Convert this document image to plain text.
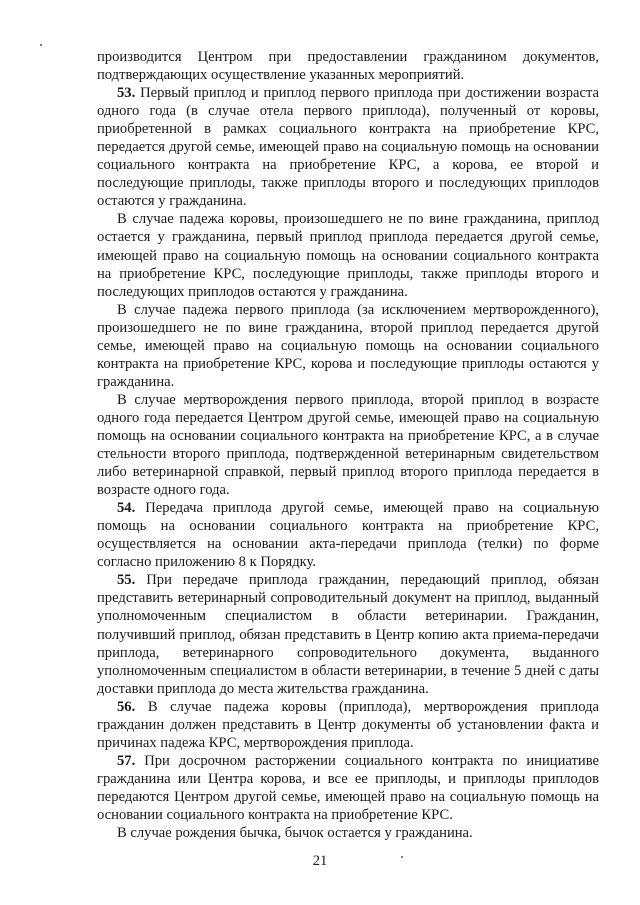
производится Центром при предоставлении гражданином документов, подтверждающих осуществление указанных мероприятий.

53. Первый приплод и приплод первого приплода при достижении возраста одного года (в случае отела первого приплода), полученный от коровы, приобретенной в рамках социального контракта на приобретение КРС, передается другой семье, имеющей право на социальную помощь на основании социального контракта на приобретение КРС, а корова, ее второй и последующие приплоды, также приплоды второго и последующих приплодов остаются у гражданина.

В случае падежа коровы, произошедшего не по вине гражданина, приплод остается у гражданина, первый приплод приплода передается другой семье, имеющей право на социальную помощь на основании социального контракта на приобретение КРС, последующие приплоды, также приплоды второго и последующих приплодов остаются у гражданина.

В случае падежа первого приплода (за исключением мертворожденного), произошедшего не по вине гражданина, второй приплод передается другой семье, имеющей право на социальную помощь на основании социального контракта на приобретение КРС, корова и последующие приплоды остаются у гражданина.

В случае мертворождения первого приплода, второй приплод в возрасте одного года передается Центром другой семье, имеющей право на социальную помощь на основании социального контракта на приобретение КРС, а в случае стельности второго приплода, подтвержденной ветеринарным свидетельством либо ветеринарной справкой, первый приплод второго приплода передается в возрасте одного года.

54. Передача приплода другой семье, имеющей право на социальную помощь на основании социального контракта на приобретение КРС, осуществляется на основании акта-передачи приплода (телки) по форме согласно приложению 8 к Порядку.

55. При передаче приплода гражданин, передающий приплод, обязан представить ветеринарный сопроводительный документ на приплод, выданный уполномоченным специалистом в области ветеринарии. Гражданин, получивший приплод, обязан представить в Центр копию акта приема-передачи приплода, ветеринарного сопроводительного документа, выданного уполномоченным специалистом в области ветеринарии, в течение 5 дней с даты доставки приплода до места жительства гражданина.

56. В случае падежа коровы (приплода), мертворождения приплода гражданин должен представить в Центр документы об установлении факта и причинах падежа КРС, мертворождения приплода.

57. При досрочном расторжении социального контракта по инициативе гражданина или Центра корова, и все ее приплоды, и приплоды приплодов передаются Центром другой семье, имеющей право на социальную помощь на основании социального контракта на приобретение КРС.

В случае рождения бычка, бычок остается у гражданина.

21
